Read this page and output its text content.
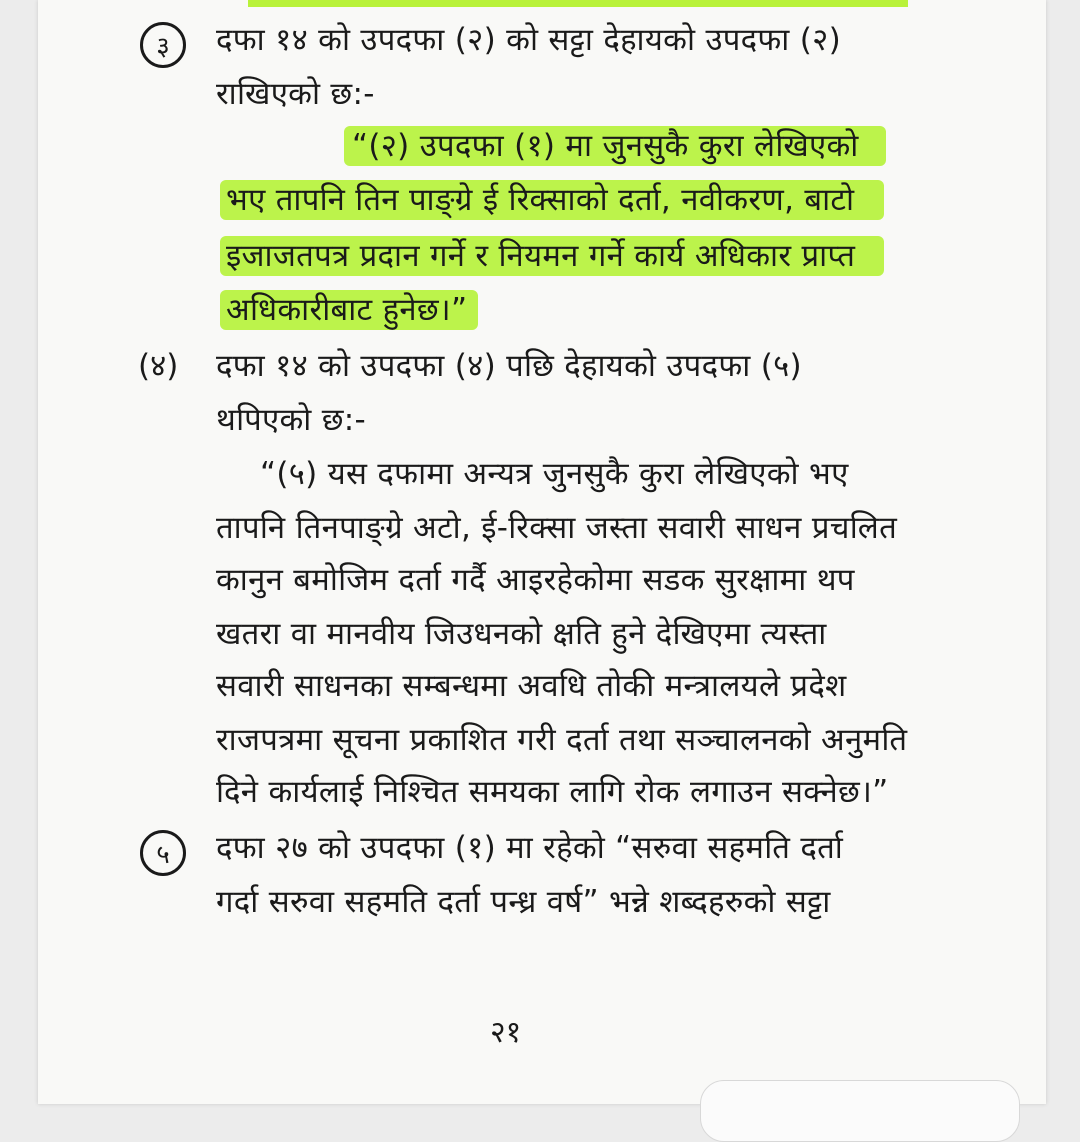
३	दफा १४ को उपदफा (२) को सट्टा देहायको उपदफा (२)
राखिएको छ:-
“(२) उपदफा (१) मा जुनसुकै कुरा लेखिएको
भए तापनि तिन पाङ्ग्रे ई रिक्साको दर्ता, नवीकरण, बाटो
इजाजतपत्र प्रदान गर्ने र नियमन गर्ने कार्य अधिकार प्राप्त
अधिकारीबाट हुनेछ।”
(४) दफा १४ को उपदफा (४) पछि देहायको उपदफा (५)
थपिएको छ:-
“(५) यस दफामा अन्यत्र जुनसुकै कुरा लेखिएको भए
तापनि तिनपाङ्ग्रे अटो, ई-रिक्सा जस्ता सवारी साधन प्रचलित
कानुन बमोजिम दर्ता गर्दै आइरहेकोमा सडक सुरक्षामा थप
खतरा वा मानवीय जिउधनको क्षति हुने देखिएमा त्यस्ता
सवारी साधनका सम्बन्धमा अवधि तोकी मन्त्रालयले प्रदेश
राजपत्रमा सूचना प्रकाशित गरी दर्ता तथा सञ्चालनको अनुमति
दिने कार्यलाई निश्चित समयका लागि रोक लगाउन सक्नेछ।”
५	दफा २७ को उपदफा (१) मा रहेको “सरुवा सहमति दर्ता
गर्दा सरुवा सहमति दर्ता पन्ध्र वर्ष” भन्ने शब्दहरुको सट्टा
२१
